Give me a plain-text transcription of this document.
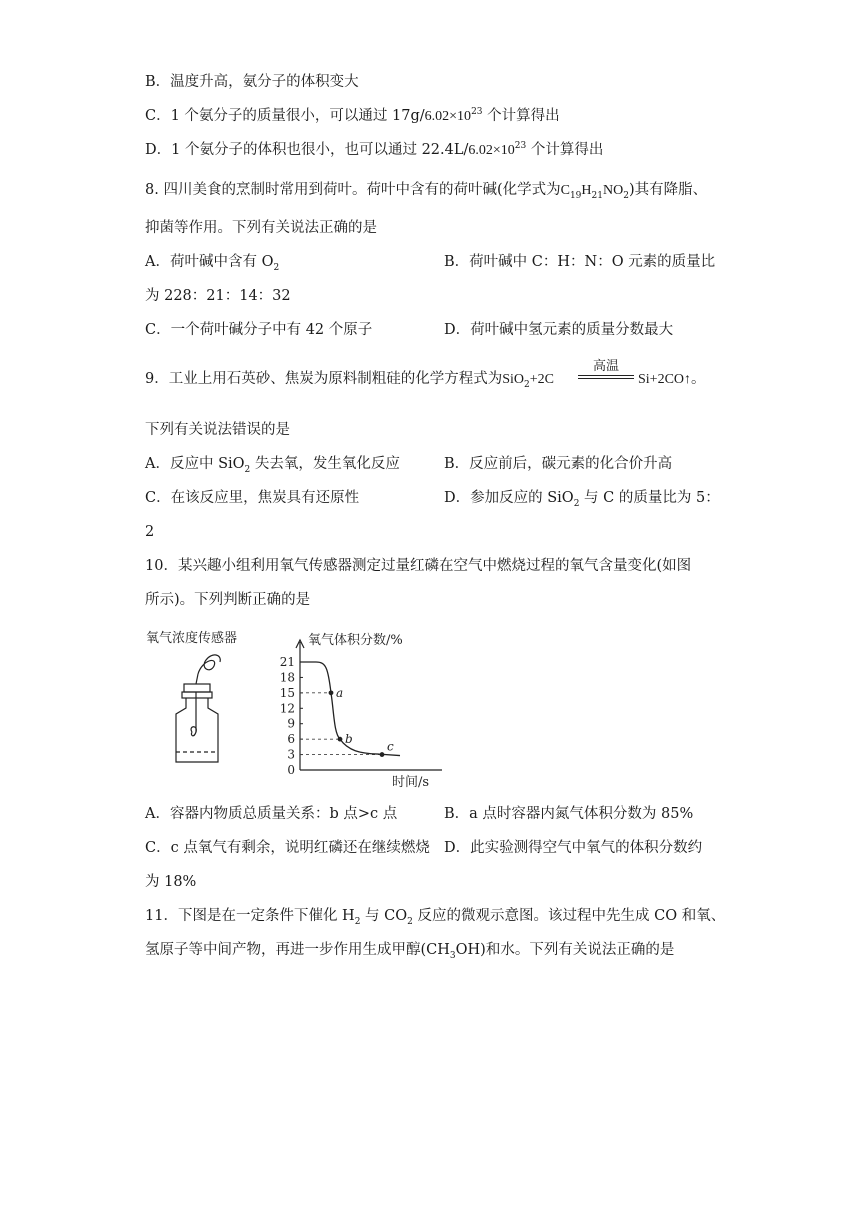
B．温度升高，氨分子的体积变大
C．1 个氨分子的质量很小，可以通过 $17g/6.02\times 10^{23}$ 个计算得出
D．1 个氨分子的体积也很小，也可以通过 $22.4L/6.02\times 10^{23}$ 个计算得出
8. 四川美食的烹制时常用到荷叶。荷叶中含有的荷叶碱(化学式为$C_{19}H_{21}NO_2$)其有降脂、
抑菌等作用。下列有关说法正确的是
A．荷叶碱中含有 $O_2$	B．荷叶碱中 C：H：N：O 元素的质量比
为 228：21：14：32
C．一个荷叶碱分子中有 42 个原子	D．荷叶碱中氢元素的质量分数最大
9．工业上用石英砂、焦炭为原料制粗硅的化学方程式为SiO$_2$+2C
高温
Si+2CO↑。
下列有关说法错误的是
A．反应中 SiO$_2$ 失去氧，发生氧化反应	B．反应前后，碳元素的化合价升高
C．在该反应里，焦炭具有还原性	D．参加反应的 SiO$_2$ 与 C 的质量比为 5：
2
10．某兴趣小组利用氧气传感器测定过量红磷在空气中燃烧过程的氧气含量变化(如图
所示)。下列判断正确的是
氧气浓度传感器	氧气体积分数/%
时间/s
0
3
6
9
12
15
18
21
a
b
c
A．容器内物质总质量关系：b 点>c 点	B．a 点时容器内氮气体积分数为 85%
C．c 点氧气有剩余，说明红磷还在继续燃烧 D．此实验测得空气中氧气的体积分数约
为 18%
11．下图是在一定条件下催化 $H_2$ 与 $CO_2$ 反应的微观示意图。该过程中先生成 CO 和氧、
氢原子等中间产物，再进一步作用生成甲醇$(CH_3OH)$和水。下列有关说法正确的是
